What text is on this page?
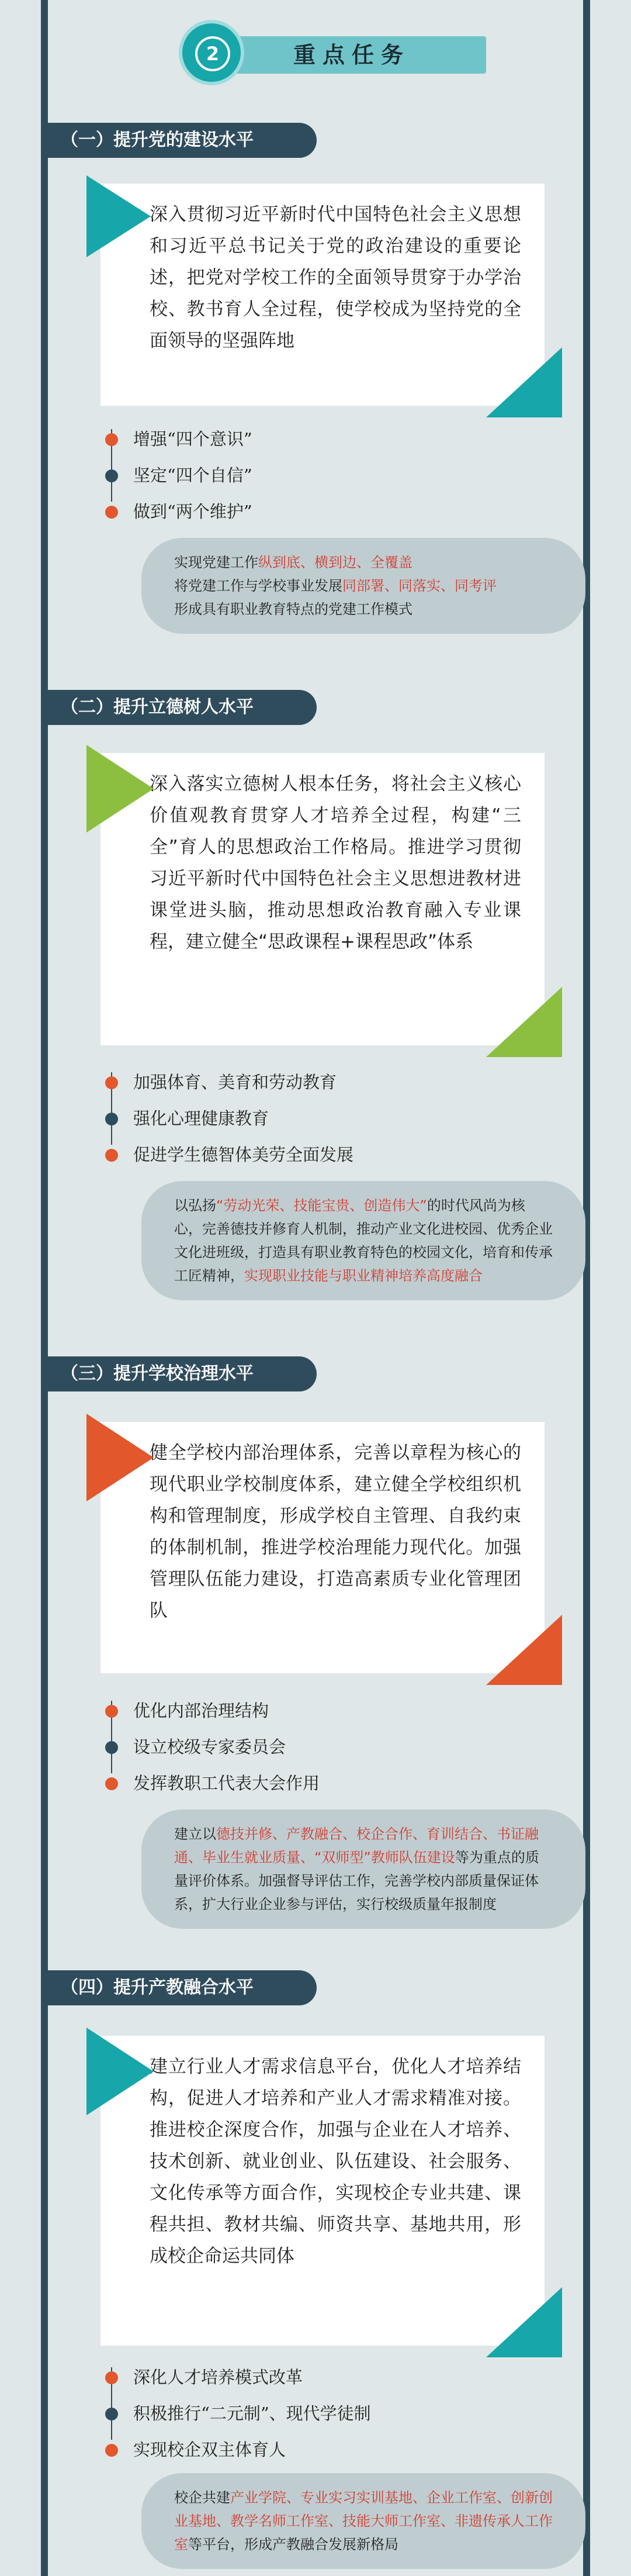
重点任务
2
（一）提升党的建设水平

深入贯彻习近平新时代中国特色社会主义思想和习近平总书记关于党的政治建设的重要论述，把党对学校工作的全面领导贯穿于办学治校、教书育人全过程，使学校成为坚持党的全面领导的坚强阵地

增强“四个意识”
坚定“四个自信”
做到“两个维护”

实现党建工作纵到底、横到边、全覆盖

将党建工作与学校事业发展同部署、同落实、同考评

形成具有职业教育特点的党建工作模式

（二）提升立德树人水平

深入落实立德树人根本任务，将社会主义核心价值观教育贯穿人才培养全过程，构建“三全”育人的思想政治工作格局。推进学习贯彻习近平新时代中国特色社会主义思想进教材进课堂进头脑，推动思想政治教育融入专业课程，建立健全“思政课程+课程思政”体系

加强体育、美育和劳动教育
强化心理健康教育
促进学生德智体美劳全面发展

以弘扬“劳动光荣、技能宝贵、创造伟大”的时代风尚为核心，完善德技并修育人机制，推动产业文化进校园、优秀企业文化进班级，打造具有职业教育特色的校园文化，培育和传承工匠精神，实现职业技能与职业精神培养高度融合

（三）提升学校治理水平

健全学校内部治理体系，完善以章程为核心的现代职业学校制度体系，建立健全学校组织机构和管理制度，形成学校自主管理、自我约束的体制机制，推进学校治理能力现代化。加强管理队伍能力建设，打造高素质专业化管理团队

优化内部治理结构
设立校级专家委员会
发挥教职工代表大会作用

建立以德技并修、产教融合、校企合作、育训结合、书证融通、毕业生就业质量、“双师型”教师队伍建设等为重点的质量评价体系。加强督导评估工作，完善学校内部质量保证体系，扩大行业企业参与评估，实行校级质量年报制度

（四）提升产教融合水平

建立行业人才需求信息平台，优化人才培养结构，促进人才培养和产业人才需求精准对接。推进校企深度合作，加强与企业在人才培养、技术创新、就业创业、队伍建设、社会服务、文化传承等方面合作，实现校企专业共建、课程共担、教材共编、师资共享、基地共用，形成校企命运共同体

深化人才培养模式改革
积极推行“二元制”、现代学徒制
实现校企双主体育人

校企共建产业学院、专业实习实训基地、企业工作室、创新创业基地、教学名师工作室、技能大师工作室、非遗传承人工作室等平台，形成产教融合发展新格局
